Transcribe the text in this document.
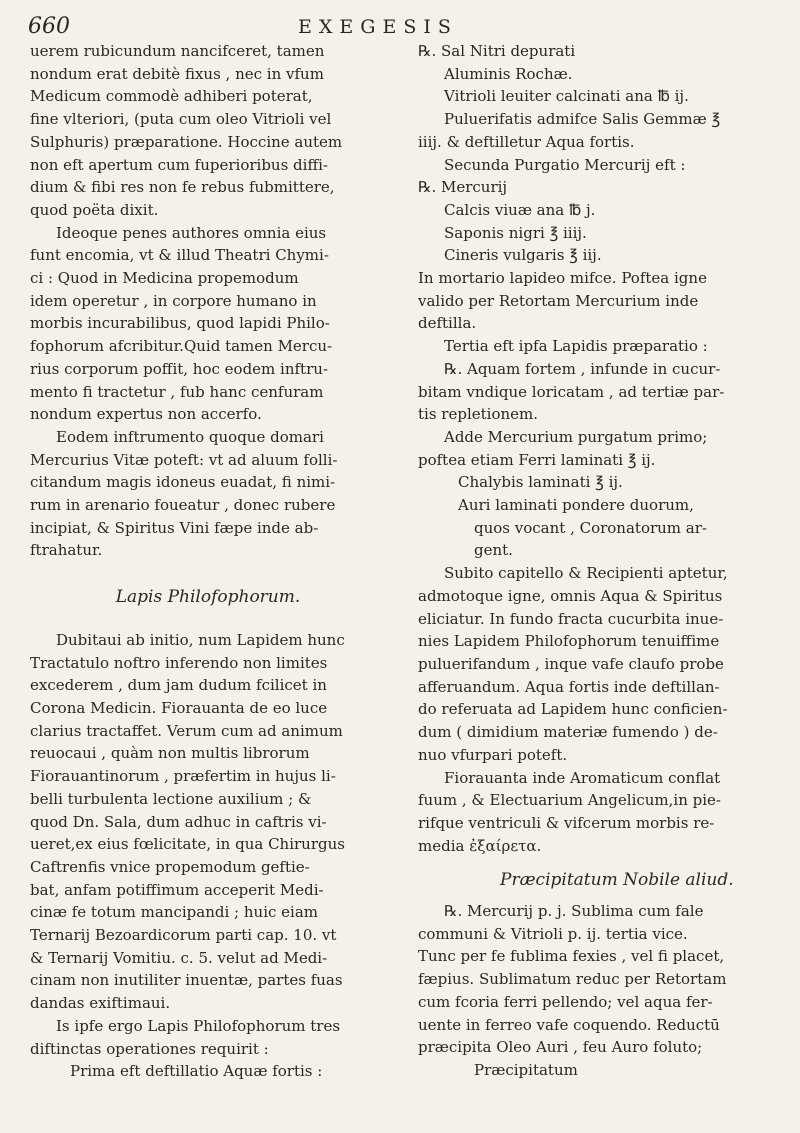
660	EXEGESIS
uerem rubicundum nancifceret, tamen
nondum erat debitè fixus , nec in vfum
Medicum commodè adhiberi poterat,
fine vlteriori, (puta cum oleo Vitrioli vel
Sulphuris) præparatione. Hoccine autem
non eft apertum cum fuperioribus diffi-
dium & fibi res non fe rebus fubmittere,
quod poëta dixit.
Ideoque penes authores omnia eius
funt encomia, vt & illud Theatri Chymi-
ci : Quod in Medicina propemodum
idem operetur , in corpore humano in
morbis incurabilibus, quod lapidi Philo-
fophorum afcribitur.Quid tamen Mercu-
rius corporum poffit, hoc eodem inftru-
mento fi tractetur , fub hanc cenfuram
nondum expertus non accerfo.
Eodem inftrumento quoque domari
Mercurius Vitæ poteft: vt ad aluum folli-
citandum magis idoneus euadat, fi nimi-
rum in arenario foueatur , donec rubere
incipiat, & Spiritus Vini fæpe inde ab-
ftrahatur.
Lapis Philofophorum.
Dubitaui ab initio, num Lapidem hunc
Tractatulo noftro inferendo non limites
excederem , dum jam dudum fcilicet in
Corona Medicin. Fiorauanta de eo luce
clarius tractaffet. Verum cum ad animum
reuocaui , quàm non multis librorum
Fiorauantinorum , præfertim in hujus li-
belli turbulenta lectione auxilium ; &
quod Dn. Sala, dum adhuc in caftris vi-
ueret,ex eius fœlicitate, in qua Chirurgus
Caftrenfis vnice propemodum geftie-
bat, anfam potiffimum acceperit Medi-
cinæ fe totum mancipandi ; huic eiam
Ternarij Bezoardicorum parti cap. 10. vt
& Ternarij Vomitiu. c. 5. velut ad Medi-
cinam non inutiliter inuentæ, partes fuas
dandas exiftimaui.
Is ipfe ergo Lapis Philofophorum tres
diftinctas operationes requirit :
Prima eft deftillatio Aquæ fortis :
℞. Sal Nitri depurati
Aluminis Rochæ.
Vitrioli leuiter calcinati ana ℔ ij.
Puluerifatis admifce Salis Gemmæ ℥
iiij. & deftilletur Aqua fortis.
Secunda Purgatio Mercurij eft :
℞. Mercurij
Calcis viuæ ana ℔ j.
Saponis nigri ℥ iiij.
Cineris vulgaris ℥ iij.
In mortario lapideo mifce. Poftea igne
valido per Retortam Mercurium inde
deftilla.
Tertia eft ipfa Lapidis præparatio :
℞. Aquam fortem , infunde in cucur-
bitam vndique loricatam , ad tertiæ par-
tis repletionem.
Adde Mercurium purgatum primo;
poftea etiam Ferri laminati ℥ ij.
Chalybis laminati ℥ ij.
Auri laminati pondere duorum,
quos vocant , Coronatorum ar-
gent.
Subito capitello & Recipienti aptetur,
admotoque igne, omnis Aqua & Spiritus
eliciatur. In fundo fracta cucurbita inue-
nies Lapidem Philofophorum tenuiffime
puluerifandum , inque vafe claufo probe
afferuandum. Aqua fortis inde deftillan-
do referuata ad Lapidem hunc conficien-
dum ( dimidium materiæ fumendo ) de-
nuo vfurpari poteft.
Fiorauanta inde Aromaticum conflat
fuum , & Electuarium Angelicum,in pie-
rifque ventriculi & vifcerum morbis re-
media ἐξαίρετα.
Præcipitatum Nobile aliud.
℞. Mercurij p. j. Sublima cum fale
communi & Vitrioli p. ij. tertia vice.
Tunc per fe fublima fexies , vel fi placet,
fæpius. Sublimatum reduc per Retortam
cum fcoria ferri pellendo; vel aqua fer-
uente in ferreo vafe coquendo. Reductū
præcipita Oleo Auri , feu Auro foluto;
Præcipitatum
